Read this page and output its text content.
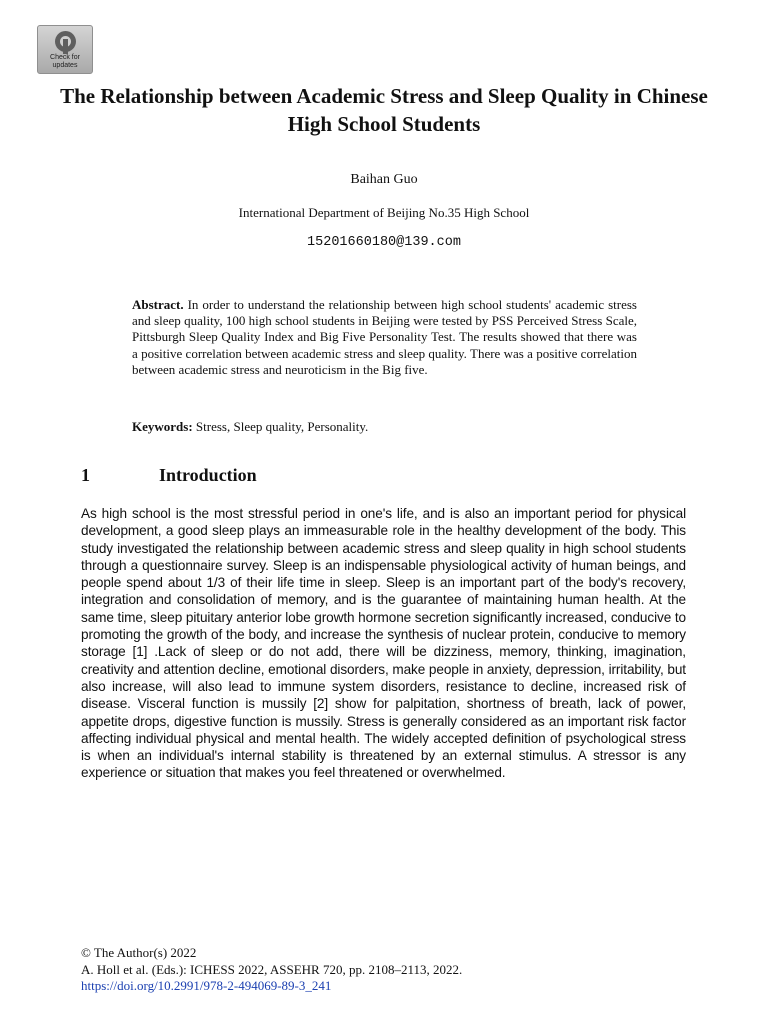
Check for
updates
The Relationship between Academic Stress and Sleep Quality in Chinese High School Students
Baihan Guo
International Department of Beijing No.35 High School
15201660180@139.com

Abstract. In order to understand the relationship between high school students' academic stress and sleep quality, 100 high school students in Beijing were tested by PSS Perceived Stress Scale, Pittsburgh Sleep Quality Index and Big Five Personality Test. The results showed that there was a positive correlation between academic stress and sleep quality. There was a positive correlation between academic stress and neuroticism in the Big five.

Keywords: Stress, Sleep quality, Personality.

1	Introduction

As high school is the most stressful period in one's life, and is also an important period for physical development, a good sleep plays an immeasurable role in the healthy development of the body. This study investigated the relationship between academic stress and sleep quality in high school students through a questionnaire survey. Sleep is an indispensable physiological activity of human beings, and people spend about 1/3 of their life time in sleep. Sleep is an important part of the body's recovery, integration and consolidation of memory, and is the guarantee of maintaining human health. At the same time, sleep pituitary anterior lobe growth hormone secretion significantly increased, conducive to promoting the growth of the body, and increase the synthesis of nuclear protein, conducive to memory storage [1] .Lack of sleep or do not add, there will be dizziness, memory, thinking, imagination, creativity and attention decline, emotional disorders, make people in anxiety, depression, irritability, but also increase, will also lead to immune system disorders, resistance to decline, increased risk of disease. Visceral function is mussily [2] show for palpitation, shortness of breath, lack of power, appetite drops, digestive function is mussily. Stress is generally considered as an important risk factor affecting individual physical and mental health. The widely accepted definition of psychological stress is when an individual's internal stability is threatened by an external stimulus. A stressor is any experience or situation that makes you feel threatened or overwhelmed.

© The Author(s) 2022
A. Holl et al. (Eds.): ICHESS 2022, ASSEHR 720, pp. 2108–2113, 2022.
https://doi.org/10.2991/978-2-494069-89-3_241
